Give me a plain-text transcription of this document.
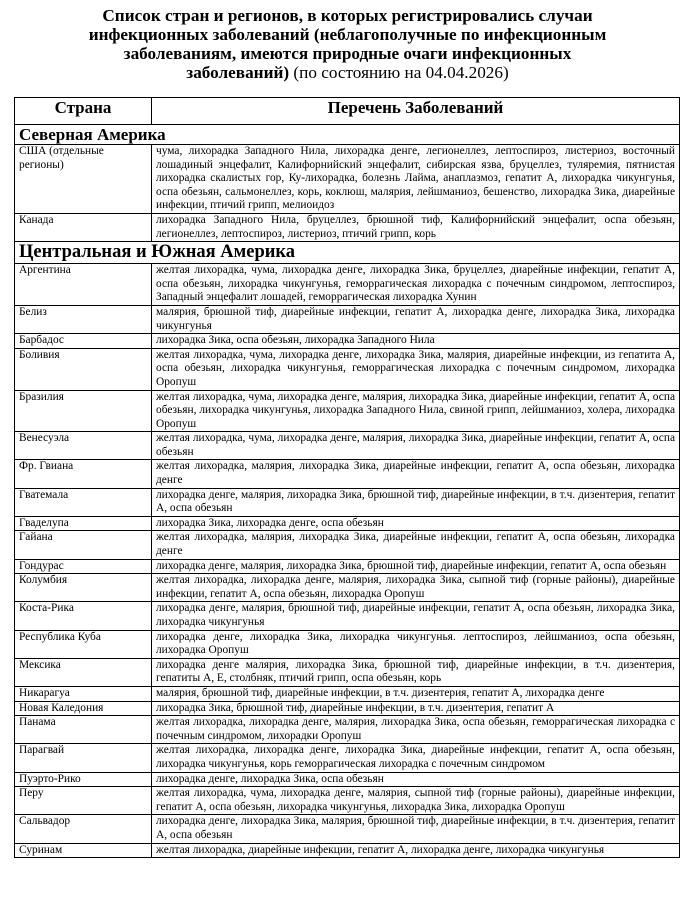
Список стран и регионов, в которых регистрировались случаи
инфекционных заболеваний (неблагополучные по инфекционным
заболеваниям, имеются природные очаги инфекционных
заболеваний) (по состоянию на 04.04.2026)
Страна	Перечень Заболеваний
Северная Америка	
США (отдельные регионы)	чума, лихорадка Западного Нила, лихорадка денге, легионеллез, лептоспироз, листериоз, восточный лошадиный энцефалит, Калифорнийский энцефалит, сибирская язва, бруцеллез, туляремия, пятнистая лихорадка скалистых гор, Ку-лихорадка, болезнь Лайма, анаплазмоз, гепатит А, лихорадка чикунгунья, оспа обезьян, сальмонеллез, корь, коклюш, малярия, лейшманиоз, бешенство, лихорадка Зика, диарейные инфекции, птичий грипп, мелиоидоз
Канада	лихорадка Западного Нила, бруцеллез, брюшной тиф, Калифорнийский энцефалит, оспа обезьян, легионеллез, лептоспироз, листериоз, птичий грипп, корь
Центральная и Южная Америка	
Аргентина	желтая лихорадка, чума, лихорадка денге, лихорадка Зика, бруцеллез, диарейные инфекции, гепатит А, оспа обезьян, лихорадка чикунгунья, геморрагическая лихорадка с почечным синдромом, лептоспироз, Западный энцефалит лошадей, геморрагическая лихорадка Хунин
Белиз	малярия, брюшной тиф, диарейные инфекции, гепатит А, лихорадка денге, лихорадка Зика, лихорадка чикунгунья
Барбадос	лихорадка Зика, оспа обезьян, лихорадка Западного Нила
Боливия	желтая лихорадка, чума, лихорадка денге, лихорадка Зика, малярия, диарейные инфекции, из гепатита А, оспа обезьян, лихорадка чикунгунья, геморрагическая лихорадка с почечным синдромом, лихорадка Оропуш
Бразилия	желтая лихорадка, чума, лихорадка денге, малярия, лихорадка Зика, диарейные инфекции, гепатит А, оспа обезьян, лихорадка чикунгунья, лихорадка Западного Нила, свиной грипп, лейшманиоз, холера, лихорадка Оропуш
Венесуэла	желтая лихорадка, чума, лихорадка денге, малярия, лихорадка Зика, диарейные инфекции, гепатит А, оспа обезьян
Фр. Гвиана	желтая лихорадка, малярия, лихорадка Зика, диарейные инфекции, гепатит А, оспа обезьян, лихорадка денге
Гватемала	лихорадка денге, малярия, лихорадка Зика, брюшной тиф, диарейные инфекции, в т.ч. дизентерия, гепатит А, оспа обезьян
Гваделупа	лихорадка Зика, лихорадка денге, оспа обезьян
Гайана	желтая лихорадка, малярия, лихорадка Зика, диарейные инфекции, гепатит А, оспа обезьян, лихорадка денге
Гондурас	лихорадка денге, малярия, лихорадка Зика, брюшной тиф, диарейные инфекции, гепатит А, оспа обезьян
Колумбия	желтая лихорадка, лихорадка денге, малярия, лихорадка Зика, сыпной тиф (горные районы), диарейные инфекции, гепатит А, оспа обезьян, лихорадка Оропуш
Коста-Рика	лихорадка денге, малярия, брюшной тиф, диарейные инфекции, гепатит А, оспа обезьян, лихорадка Зика, лихорадка чикунгунья
Республика Куба	лихорадка денге, лихорадка Зика, лихорадка чикунгунья. лептоспироз, лейшманиоз, оспа обезьян, лихорадка Оропуш
Мексика	лихорадка денге малярия, лихорадка Зика, брюшной тиф, диарейные инфекции, в т.ч. дизентерия, гепатиты А, Е, столбняк, птичий грипп, оспа обезьян, корь
Никарагуа	малярия, брюшной тиф, диарейные инфекции, в т.ч. дизентерия, гепатит А, лихорадка денге
Новая Каледония	лихорадка Зика, брюшной тиф, диарейные инфекции, в т.ч. дизентерия, гепатит А
Панама	желтая лихорадка, лихорадка денге, малярия, лихорадка Зика, оспа обезьян, геморрагическая лихорадка с почечным синдромом, лихорадки Оропуш
Парагвай	желтая лихорадка, лихорадка денге, лихорадка Зика, диарейные инфекции, гепатит А, оспа обезьян, лихорадка чикунгунья, корь геморрагическая лихорадка с почечным синдромом
Пуэрто-Рико	лихорадка денге, лихорадка Зика, оспа обезьян
Перу	желтая лихорадка, чума, лихорадка денге, малярия, сыпной тиф (горные районы), диарейные инфекции, гепатит А, оспа обезьян, лихорадка чикунгунья, лихорадка Зика, лихорадка Оропуш
Сальвадор	лихорадка денге, лихорадка Зика, малярия, брюшной тиф, диарейные инфекции, в т.ч. дизентерия, гепатит А, оспа обезьян
Суринам	желтая лихорадка, диарейные инфекции, гепатит А, лихорадка денге, лихорадка чикунгунья
